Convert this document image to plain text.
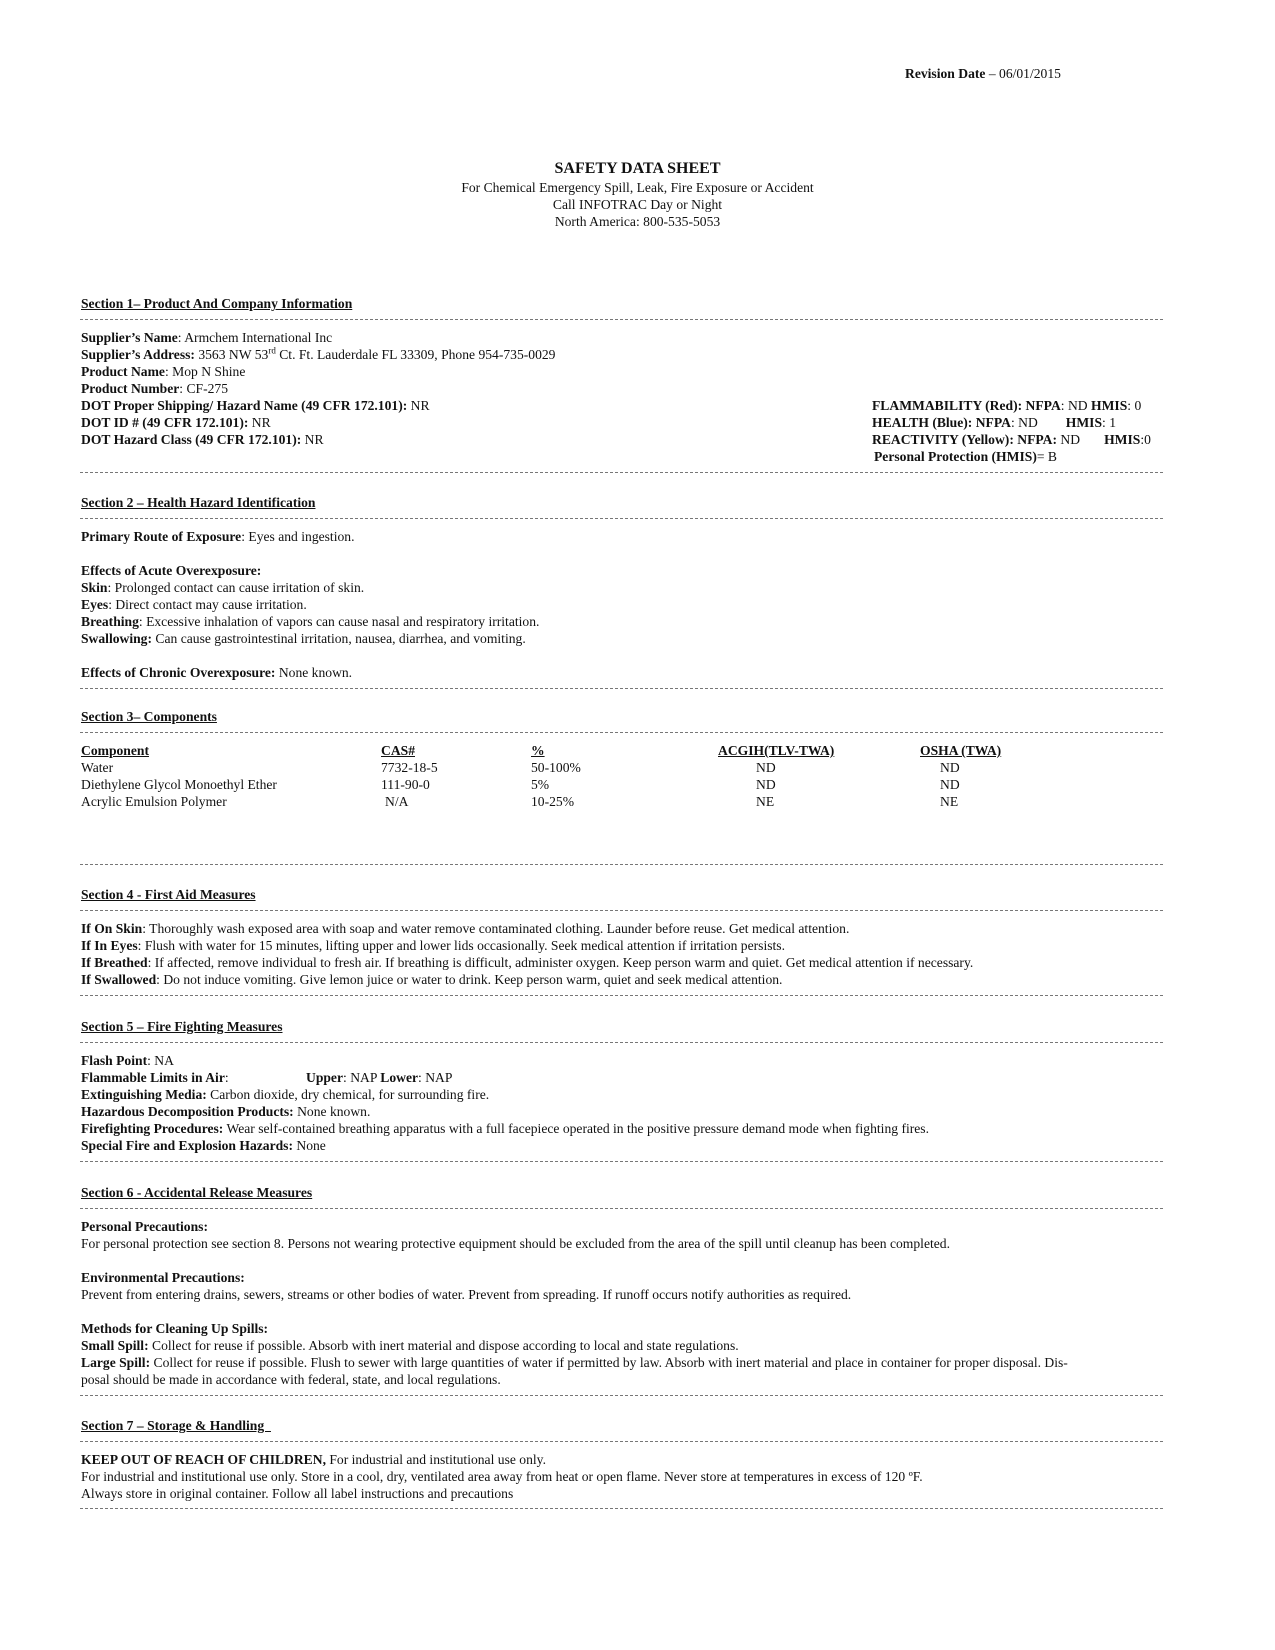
Revision Date – 06/01/2015
SAFETY DATA SHEET
For Chemical Emergency Spill, Leak, Fire Exposure or Accident
Call INFOTRAC Day or Night
North America: 800-535-5053
Section 1– Product And Company Information
Supplier’s Name: Armchem International Inc
Supplier’s Address: 3563 NW 53rd Ct. Ft. Lauderdale FL 33309, Phone 954-735-0029
Product Name: Mop N Shine
Product Number: CF-275
DOT Proper Shipping/ Hazard Name (49 CFR 172.101): NR
DOT ID # (49 CFR 172.101): NR
DOT Hazard Class (49 CFR 172.101): NR
FLAMMABILITY (Red): NFPA: ND HMIS: 0
HEALTH (Blue): NFPA: ND HMIS: 1
REACTIVITY (Yellow): NFPA: ND HMIS:0
Personal Protection (HMIS)= B
Section 2 – Health Hazard Identification
Primary Route of Exposure: Eyes and ingestion.
Effects of Acute Overexposure:
Skin: Prolonged contact can cause irritation of skin.
Eyes: Direct contact may cause irritation.
Breathing: Excessive inhalation of vapors can cause nasal and respiratory irritation.
Swallowing: Can cause gastrointestinal irritation, nausea, diarrhea, and vomiting.
Effects of Chronic Overexposure: None known.
Section 3– Components
Component	CAS#	%	ACGIH(TLV-TWA)	OSHA (TWA)
Water	7732-18-5	50-100%	ND	ND
Diethylene Glycol Monoethyl Ether	111-90-0	5%	ND	ND
Acrylic Emulsion Polymer	N/A	10-25%	NE	NE
Section 4 - First Aid Measures
If On Skin: Thoroughly wash exposed area with soap and water remove contaminated clothing. Launder before reuse. Get medical attention.
If In Eyes: Flush with water for 15 minutes, lifting upper and lower lids occasionally. Seek medical attention if irritation persists.
If Breathed: If affected, remove individual to fresh air. If breathing is difficult, administer oxygen. Keep person warm and quiet. Get medical attention if necessary.
If Swallowed: Do not induce vomiting. Give lemon juice or water to drink. Keep person warm, quiet and seek medical attention.
Section 5 – Fire Fighting Measures
Flash Point: NA
Flammable Limits in Air:	Upper: NAP Lower: NAP
Extinguishing Media: Carbon dioxide, dry chemical, for surrounding fire.
Hazardous Decomposition Products: None known.
Firefighting Procedures: Wear self-contained breathing apparatus with a full facepiece operated in the positive pressure demand mode when fighting fires.
Special Fire and Explosion Hazards: None
Section 6 - Accidental Release Measures
Personal Precautions:
For personal protection see section 8. Persons not wearing protective equipment should be excluded from the area of the spill until cleanup has been completed.
Environmental Precautions:
Prevent from entering drains, sewers, streams or other bodies of water. Prevent from spreading. If runoff occurs notify authorities as required.
Methods for Cleaning Up Spills:
Small Spill: Collect for reuse if possible. Absorb with inert material and dispose according to local and state regulations.
Large Spill: Collect for reuse if possible. Flush to sewer with large quantities of water if permitted by law. Absorb with inert material and place in container for proper disposal. Dis-
posal should be made in accordance with federal, state, and local regulations.
Section 7 – Storage & Handling
KEEP OUT OF REACH OF CHILDREN, For industrial and institutional use only.
For industrial and institutional use only. Store in a cool, dry, ventilated area away from heat or open flame. Never store at temperatures in excess of 120 ºF.
Always store in original container. Follow all label instructions and precautions
